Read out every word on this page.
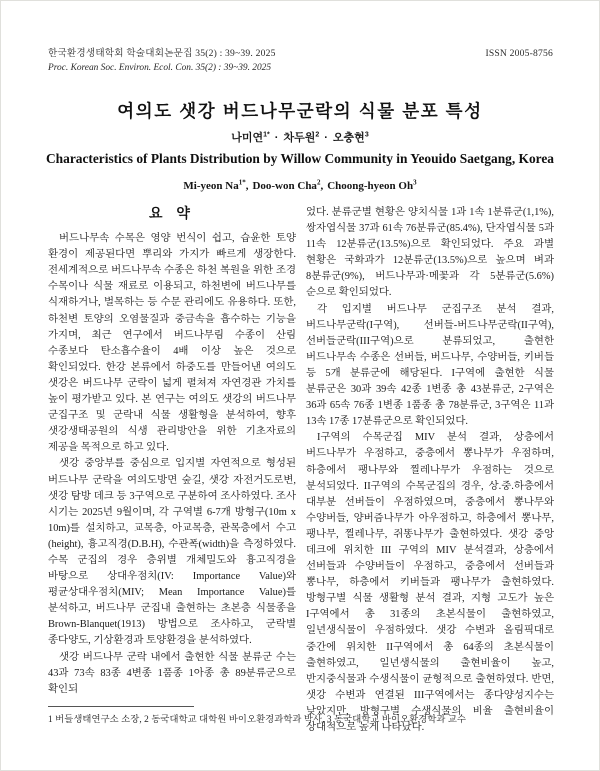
한국환경생태학회 학술대회논문집 35(2) : 39~39. 2025	ISSN 2005-8756
Proc. Korean Soc. Environ. Ecol. Con. 35(2) : 39~39. 2025
여의도 샛강 버드나무군락의 식물 분포 특성
나미연$^{1*}$ · 차두원$^2$ · 오충현$^3$
Characteristics of Plants Distribution by Willow Community in Yeouido Saetgang, Korea
Mi-yeon $Na^{1*}$, Doo-won Cha$^2$, Choong-hyeon Oh$^3$
요 약

버드나무속 수목은 영양 번식이 쉽고, 습윤한 토양 환경이 제공된다면 뿌리와 가지가 빠르게 생장한다. 전세계적으로 버드나무속 수종은 하천 복원을 위한 조경 수목이나 식물 재료로 이용되고, 하천변에 버드나무를 식재하거나, 벌목하는 등 수문 관리에도 유용하다. 또한, 하천변 토양의 오염물질과 중금속을 흡수하는 기능을 가지며, 최근 연구에서 버드나무림 수종이 산림 수종보다 탄소흡수율이 4배 이상 높은 것으로 확인되었다. 한강 본류에서 하중도를 만들어낸 여의도 샛강은 버드나무 군락이 넓게 펼쳐져 자연경관 가치를 높이 평가받고 있다. 본 연구는 여의도 샛강의 버드나무 군집구조 및 군락내 식물 생활형을 분석하여, 향후 샛강생태공원의 식생 관리방안을 위한 기초자료의 제공을 목적으로 하고 있다.

샛강 중앙부를 중심으로 입지별 자연적으로 형성된 버드나무 군락을 여의도방면 숲길, 샛강 자전거도로변, 샛강 탐방 데크 등 3구역으로 구분하여 조사하였다. 조사 시기는 2025년 9월이며, 각 구역별 6-7개 방형구(10m x 10m)를 설치하고, 교목층, 아교목층, 관목층에서 수고 (height), 흉고직경(D.B.H), 수관폭(width)을 측정하였다. 수목 군집의 경우 층위별 개체밀도와 흉고직경을 바탕으로 상대우점치(IV: Importance Value)와 평균상대우점치(MIV; Mean Importance Value)를 분석하고, 버드나무 군집내 출현하는 초본층 식물종을 Brown-Blanquet(1913) 방법으로 조사하고, 군락별 종다양도, 기상환경과 토양환경을 분석하였다.

샛강 버드나무 군락 내에서 출현한 식물 분류군 수는 43과 73속 83종 4변종 1품종 1아종 총 89분류군으로 확인되

었다. 분류군별 현황은 양치식물 1과 1속 1분류군(1,1%), 쌍자엽식물 37과 61속 76분류군(85.4%), 단자엽식물 5과 11속 12분류군(13.5%)으로 확인되었다. 주요 과별 현황은 국화과가 12분류군(13.5%)으로 높으며 벼과 8분류군(9%), 버드나무과·메꽃과 각 5분류군(5.6%) 순으로 확인되었다.

각 입지별 버드나무 군집구조 분석 결과, 버드나무군락(I구역), 선버들-버드나무군락(II구역), 선버들군락(III구역)으로 분류되었고, 출현한 버드나무속 수종은 선버들, 버드나무, 수양버들, 키버들 등 5개 분류군에 해당된다. I구역에 출현한 식물 분류군은 30과 39속 42종 1변종 총 43분류군, 2구역은 36과 65속 76종 1변종 1품종 총 78분류군, 3구역은 11과 13속 17종 17분류군으로 확인되었다.

I구역의 수목군집 MIV 분석 결과, 상층에서 버드나무가 우점하고, 중층에서 뽕나무가 우점하며, 하층에서 팽나무와 찔레나무가 우점하는 것으로 분석되었다. II구역의 수목군집의 경우, 상.중.하층에서 대부분 선버들이 우점하였으며, 중층에서 뽕나무와 수양버들, 양버즘나무가 아우점하고, 하층에서 뽕나무, 팽나무, 찔레나무, 쥐똥나무가 출현하였다. 샛강 중앙 데크에 위치한 III 구역의 MIV 분석결과, 상층에서 선버들과 수양버들이 우점하고, 중층에서 선버들과 뽕나무, 하층에서 키버들과 팽나무가 출현하였다. 방형구별 식물 생활형 분석 결과, 지형 고도가 높은 I구역에서 총 31종의 초본식물이 출현하였고, 일년생식물이 우점하였다. 샛강 수변과 올림픽대로 중간에 위치한 II구역에서 총 64종의 초본식물이 출현하였고, 일년생식물의 출현비율이 높고, 반지중식물과 수생식물이 균형적으로 출현하였다. 반면, 샛강 수변과 연결된 III구역에서는 종다양성지수는 낮았지만, 방형구별 수생식물의 비율 출현비율이 상대적으로 높게 나타났다.

1 버들생태연구소 소장, 2 동국대학교 대학원 바이오환경과학과 박사, 3 동국대학교 바이오환경학과 교수
